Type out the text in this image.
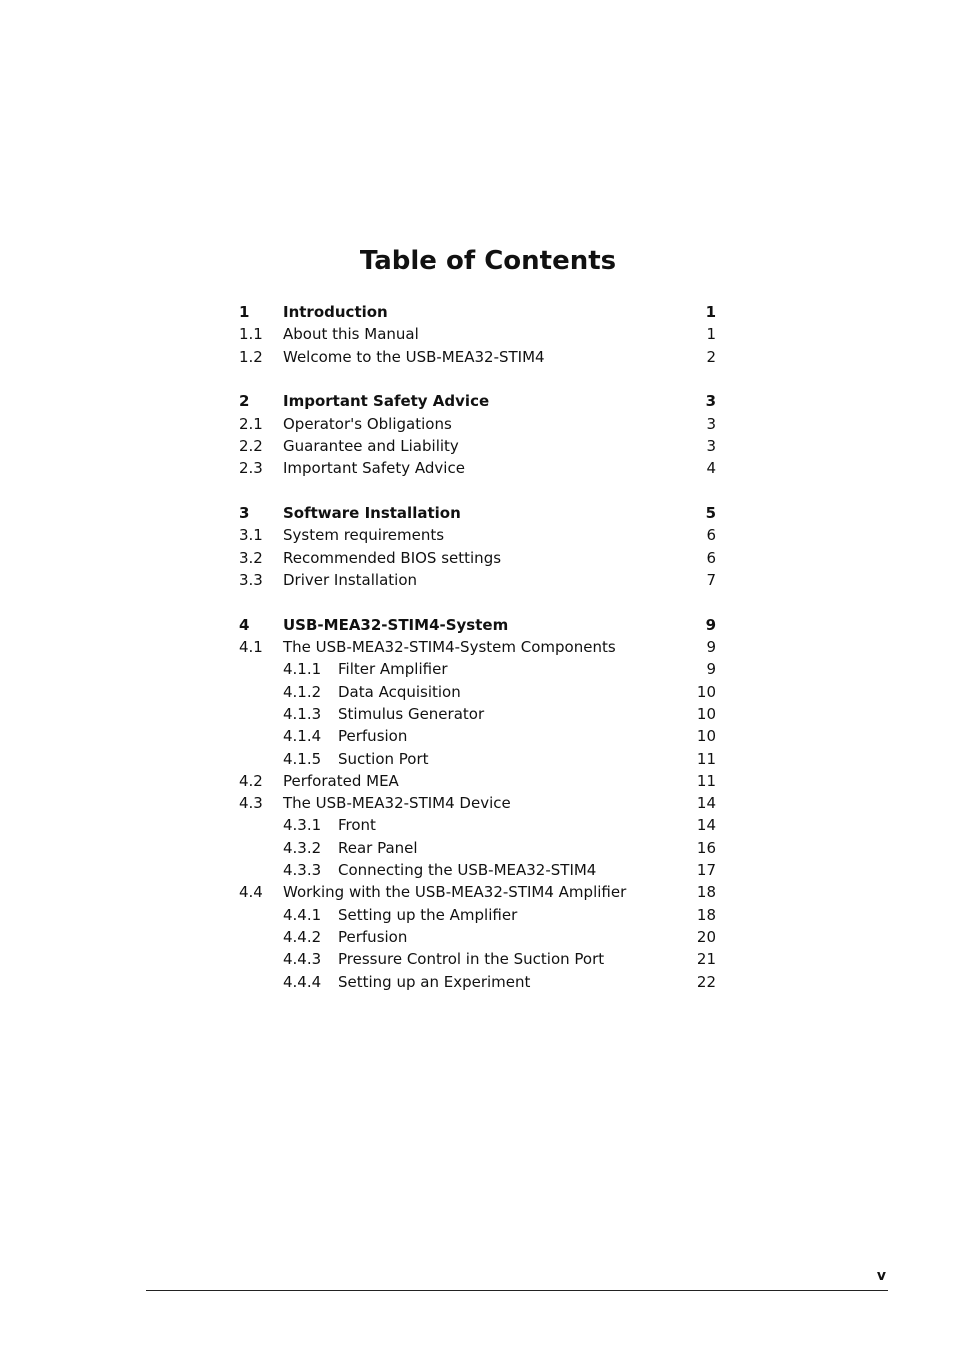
Table of Contents
1 Introduction	1
1.1 About this Manual	1
1.2 Welcome to the USB-MEA32-STIM4	2
2 Important Safety Advice	3
2.1 Operator's Obligations	3
2.2 Guarantee and Liability	3
2.3 Important Safety Advice	4
3 Software Installation	5
3.1 System requirements	6
3.2 Recommended BIOS settings	6
3.3 Driver Installation	7
4 USB-MEA32-STIM4-System	9
4.1 The USB-MEA32-STIM4-System Components	9
4.1.1 Filter Amplifier	9
4.1.2 Data Acquisition	10
4.1.3 Stimulus Generator	10
4.1.4 Perfusion	10
4.1.5 Suction Port	11
4.2 Perforated MEA	11
4.3 The USB-MEA32-STIM4 Device	14
4.3.1 Front	14
4.3.2 Rear Panel	16
4.3.3 Connecting the USB-MEA32-STIM4	17
4.4 Working with the USB-MEA32-STIM4 Amplifier	18
4.4.1 Setting up the Amplifier	18
4.4.2 Perfusion	20
4.4.3 Pressure Control in the Suction Port	21
4.4.4 Setting up an Experiment	22
v
